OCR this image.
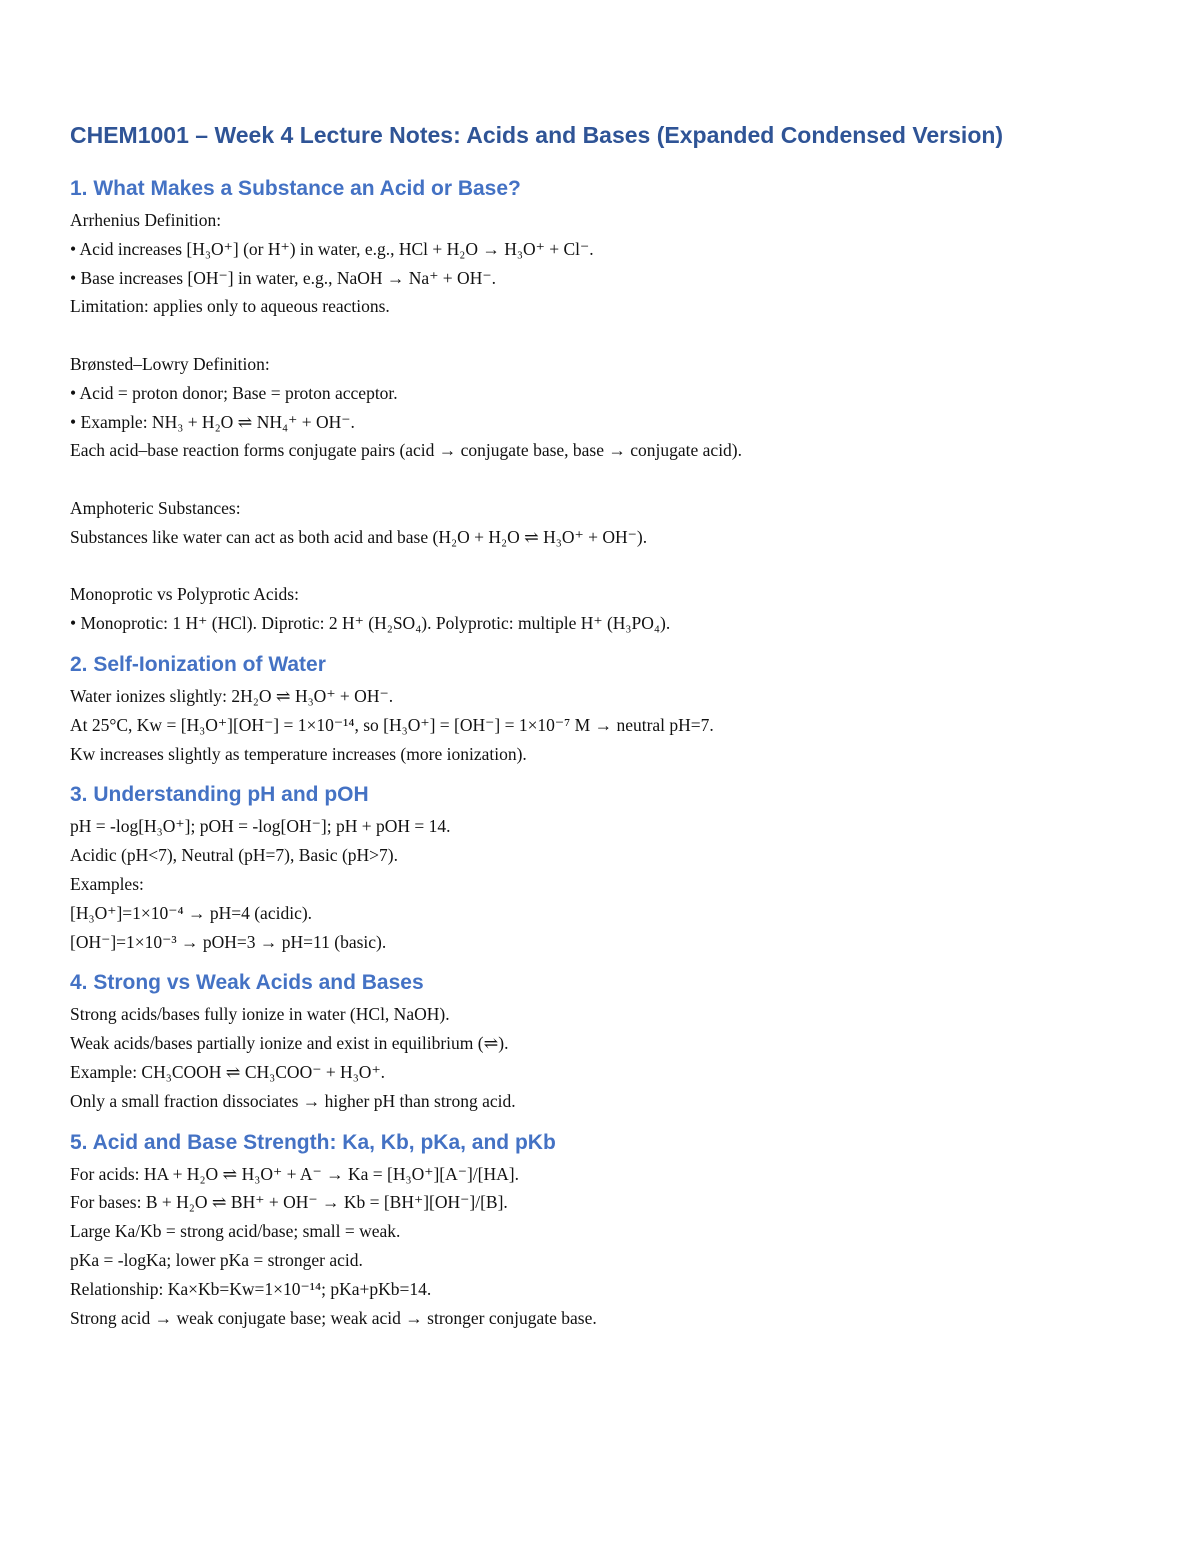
CHEM1001 – Week 4 Lecture Notes: Acids and Bases (Expanded Condensed Version)
1. What Makes a Substance an Acid or Base?
Arrhenius Definition:
• Acid increases [H₃O⁺] (or H⁺) in water, e.g., HCl + H₂O → H₃O⁺ + Cl⁻.
• Base increases [OH⁻] in water, e.g., NaOH → Na⁺ + OH⁻.
Limitation: applies only to aqueous reactions.
Brønsted–Lowry Definition:
• Acid = proton donor; Base = proton acceptor.
• Example: NH₃ + H₂O ⇌ NH₄⁺ + OH⁻.
Each acid–base reaction forms conjugate pairs (acid → conjugate base, base → conjugate acid).
Amphoteric Substances:
Substances like water can act as both acid and base (H₂O + H₂O ⇌ H₃O⁺ + OH⁻).
Monoprotic vs Polyprotic Acids:
• Monoprotic: 1 H⁺ (HCl). Diprotic: 2 H⁺ (H₂SO₄). Polyprotic: multiple H⁺ (H₃PO₄).
2. Self-Ionization of Water
Water ionizes slightly: 2H₂O ⇌ H₃O⁺ + OH⁻.
At 25°C, Kw = [H₃O⁺][OH⁻] = 1×10⁻¹⁴, so [H₃O⁺] = [OH⁻] = 1×10⁻⁷ M → neutral pH=7.
Kw increases slightly as temperature increases (more ionization).
3. Understanding pH and pOH
pH = -log[H₃O⁺]; pOH = -log[OH⁻]; pH + pOH = 14.
Acidic (pH<7), Neutral (pH=7), Basic (pH>7).
Examples:
[H₃O⁺]=1×10⁻⁴ → pH=4 (acidic).
[OH⁻]=1×10⁻³ → pOH=3 → pH=11 (basic).
4. Strong vs Weak Acids and Bases
Strong acids/bases fully ionize in water (HCl, NaOH).
Weak acids/bases partially ionize and exist in equilibrium (⇌).
Example: CH₃COOH ⇌ CH₃COO⁻ + H₃O⁺.
Only a small fraction dissociates → higher pH than strong acid.
5. Acid and Base Strength: Ka, Kb, pKa, and pKb
For acids: HA + H₂O ⇌ H₃O⁺ + A⁻ → Ka = [H₃O⁺][A⁻]/[HA].
For bases: B + H₂O ⇌ BH⁺ + OH⁻ → Kb = [BH⁺][OH⁻]/[B].
Large Ka/Kb = strong acid/base; small = weak.
pKa = -logKa; lower pKa = stronger acid.
Relationship: Ka×Kb=Kw=1×10⁻¹⁴; pKa+pKb=14.
Strong acid → weak conjugate base; weak acid → stronger conjugate base.
